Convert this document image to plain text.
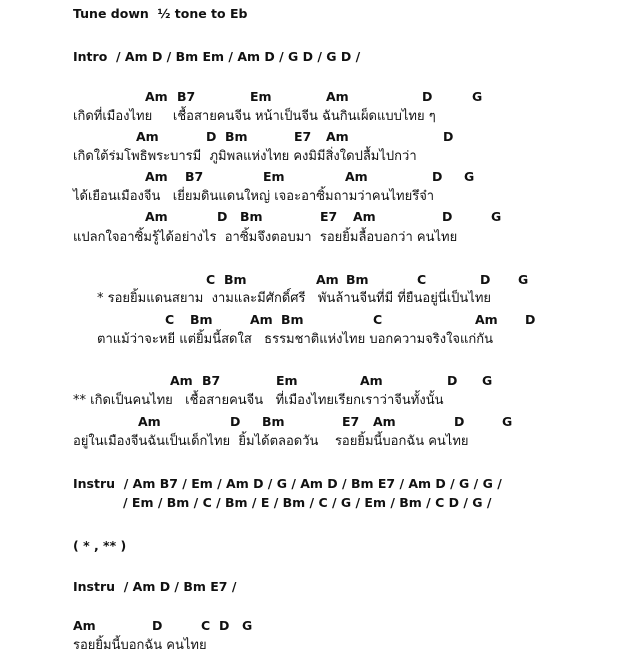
Tune down  ½ tone to Eb
Intro  / Am D / Bm Em / Am D / G D / G D /
Am B7	Em	Am	D	G
เกิดที่เมืองไทย     เชื้อสายคนจีน หน้าเป็นจีน ฉันกินเผ็ดแบบไทย ๆ
Am	D Bm	E7 Am	D
เกิดใต้ร่มโพธิพระบารมี  ภูมิพลแห่งไทย คงมิมีสิ่งใดปลื้มไปกว่า
Am B7	Em	Am	D G
ได้เยือนเมืองจีน   เยี่ยมดินแดนใหญ่ เจอะอาซิ้มถามว่าคนไทยรึจ๋า
Am	D Bm	E7 Am	D	G
แปลกใจอาซิ้มรู้ได้อย่างไร  อาซิ้มจึงตอบมา  รอยยิ้มลื้อบอกว่า คนไทย
C Bm	Am Bm	C	D G
* รอยยิ้มแดนสยาม  งามและมีศักดิ์ศรี   พันล้านจีนที่มี ที่ยืนอยู่นี่เป็นไทย
C Bm	Am Bm	C	Am D
ตาแม้ว่าจะหยี แต่ยิ้มนี้สดใส   ธรรมชาติแห่งไทย บอกความจริงใจแก่กัน
Am B7	Em	Am	D G
** เกิดเป็นคนไทย   เชื้อสายคนจีน   ที่เมืองไทยเรียกเราว่าจีนทั้งนั้น
Am	D Bm	E7 Am	D	G
อยู่ในเมืองจีนฉันเป็นเด็กไทย  ยิ้มได้ตลอดวัน    รอยยิ้มนี้บอกฉัน คนไทย
Instru  / Am B7 / Em / Am D / G / Am D / Bm E7 / Am D / G / G /
/ Em / Bm / C / Bm / E / Bm / C / G / Em / Bm / C D / G /
( * , ** )
Instru  / Am D / Bm E7 /
Am	D	C D G
รอยยิ้มนี้บอกฉัน คนไทย
